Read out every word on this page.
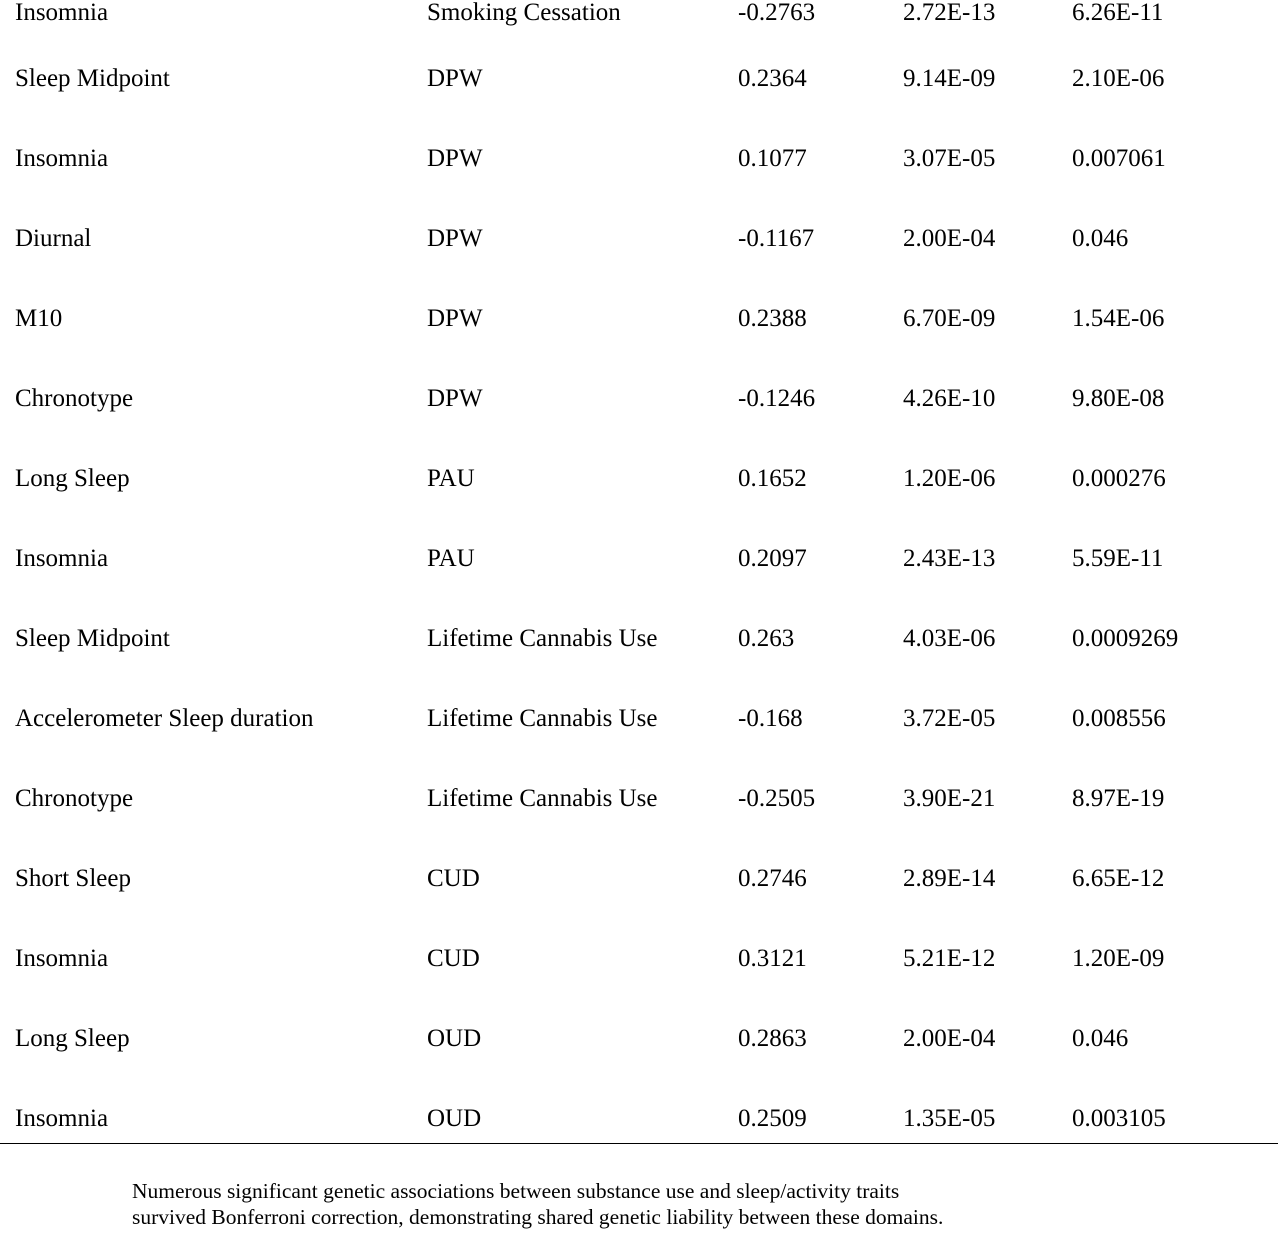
Insomnia	Smoking Cessation	-0.2763	2.72E-13	6.26E-11
Sleep Midpoint	DPW	0.2364	9.14E-09	2.10E-06
Insomnia	DPW	0.1077	3.07E-05	0.007061
Diurnal	DPW	-0.1167	2.00E-04	0.046
M10	DPW	0.2388	6.70E-09	1.54E-06
Chronotype	DPW	-0.1246	4.26E-10	9.80E-08
Long Sleep	PAU	0.1652	1.20E-06	0.000276
Insomnia	PAU	0.2097	2.43E-13	5.59E-11
Sleep Midpoint	Lifetime Cannabis Use	0.263	4.03E-06	0.0009269
Accelerometer Sleep duration	Lifetime Cannabis Use	-0.168	3.72E-05	0.008556
Chronotype	Lifetime Cannabis Use	-0.2505	3.90E-21	8.97E-19
Short Sleep	CUD	0.2746	2.89E-14	6.65E-12
Insomnia	CUD	0.3121	5.21E-12	1.20E-09
Long Sleep	OUD	0.2863	2.00E-04	0.046
Insomnia	OUD	0.2509	1.35E-05	0.003105

Numerous significant genetic associations between substance use and sleep/activity traits
survived Bonferroni correction, demonstrating shared genetic liability between these domains.
